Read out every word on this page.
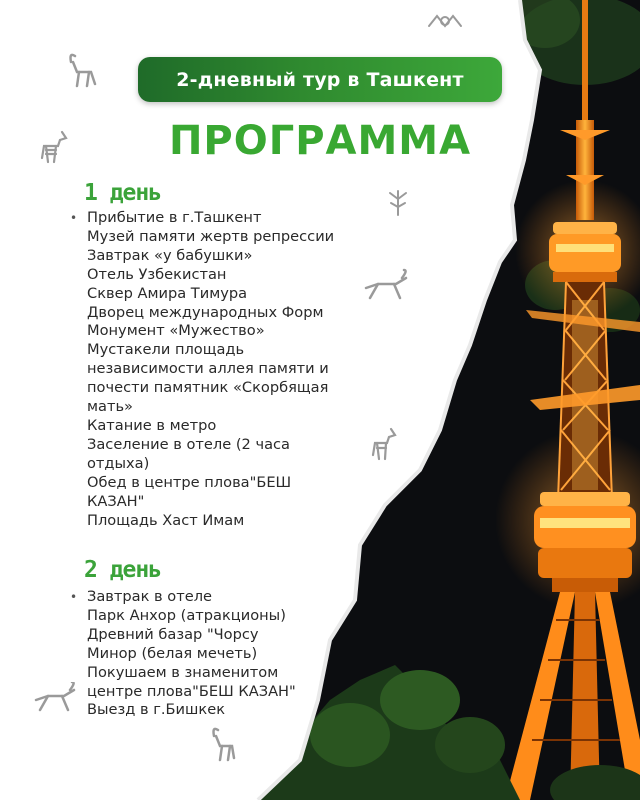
2-дневный тур в Ташкент
ПРОГРАММА
1 день
• Прибытие в г.Ташкент
Музей памяти жертв репрессии
Завтрак «у бабушки»
Отель Узбекистан
Сквер Амира Тимура
Дворец международных Форм
Монумент «Мужество»
Мустакели площадь независимости аллея памяти и почести памятник «Скорбящая мать»
Катание в метро
Заселение в отеле (2 часа отдыха)
Обед в центре плова"БЕШ КАЗАН"
Площадь Хаст Имам
2 день
• Завтрак в отеле
Парк Анхор (атракционы)
Древний базар "Чорсу Минор (белая мечеть)
Покушаем в знаменитом центре плова"БЕШ КАЗАН"
Выезд в г.Бишкек
